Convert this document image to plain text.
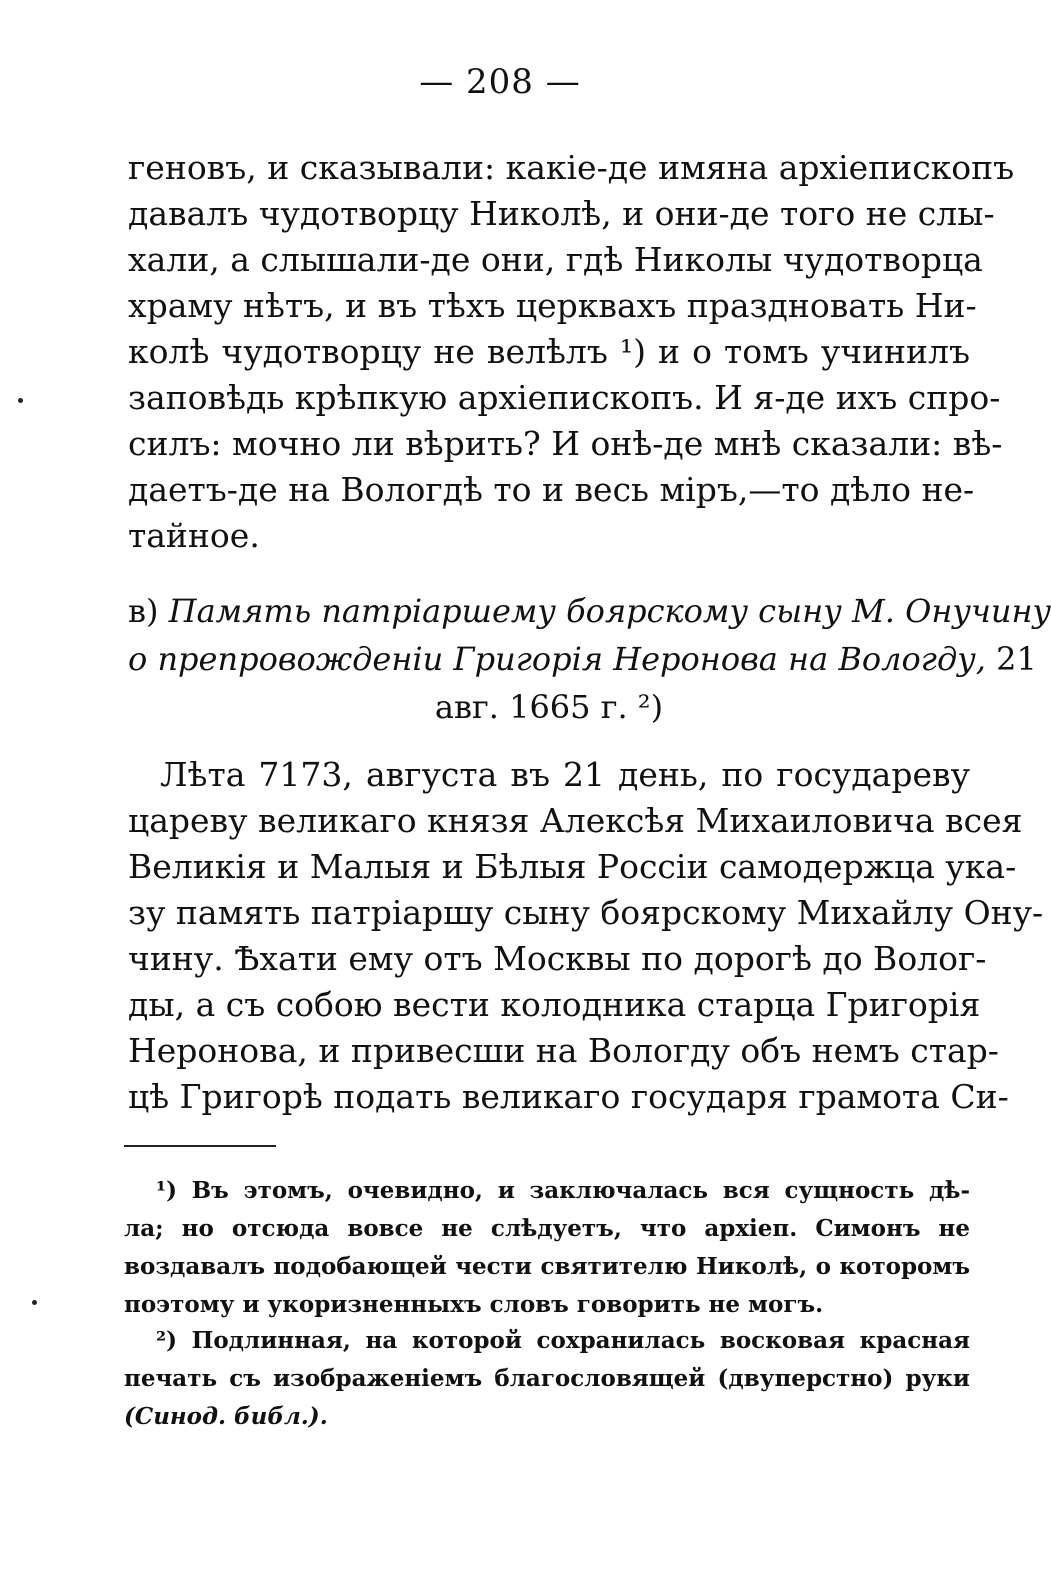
— 208 —
геновъ, и сказывали: какіе-де имяна архіепископъ
давалъ чудотворцу Николѣ, и они-де того не слы-
хали, а слышали-де они, гдѣ Николы чудотворца
храму нѣтъ, и въ тѣхъ церквахъ праздновать Ни-
колѣ чудотворцу не велѣлъ ¹) и о томъ учинилъ
заповѣдь крѣпкую архіепископъ. И я-де ихъ спро-
силъ: мочно ли вѣрить? И онѣ-де мнѣ сказали: вѣ-
даетъ-де на Вологдѣ то и весь міръ,—то дѣло не-
тайное.
в) Память патріаршему боярскому сыну М. Онучину
о препровожденіи Григорія Неронова на Вологду, 21
авг. 1665 г. ²)
Лѣта 7173, августа въ 21 день, по государеву
цареву великаго князя Алексѣя Михаиловича всея
Великія и Малыя и Бѣлыя Россіи самодержца ука-
зу память патріаршу сыну боярскому Михайлу Ону-
чину. Ѣхати ему отъ Москвы по дорогѣ до Волог-
ды, а съ собою вести колодника старца Григорія
Неронова, и привесши на Вологду объ немъ стар-
цѣ Григорѣ подать великаго государя грамота Си-
¹) Въ этомъ, очевидно, и заключалась вся сущность дѣ-
ла; но отсюда вовсе не слѣдуетъ, что архіеп. Симонъ не
воздавалъ подобающей чести святителю Николѣ, о которомъ
поэтому и укоризненныхъ словъ говорить не могъ.
²) Подлинная, на которой сохранилась восковая красная
печать съ изображеніемъ благословящей (двуперстно) руки
(Синод. библ.).
